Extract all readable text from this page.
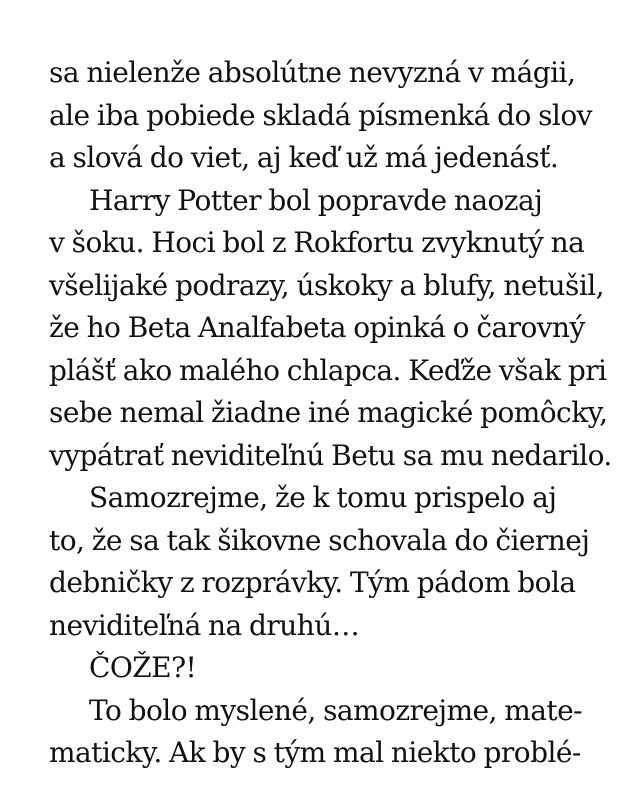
sa nielenže absolútne nevyzná v mágii,
ale iba pobiede skladá písmenká do slov
a slová do viet, aj keď už má jedenásť.
Harry Potter bol popravde naozaj
v šoku. Hoci bol z Rokfortu zvyknutý na
všelijaké podrazy, úskoky a blufy, netušil,
že ho Beta Analfabeta opinká o čarovný
plášť ako malého chlapca. Keďže však pri
sebe nemal žiadne iné magické pomôcky,
vypátrať neviditeľnú Betu sa mu nedarilo.
Samozrejme, že k tomu prispelo aj
to, že sa tak šikovne schovala do čiernej
debničky z rozprávky. Tým pádom bola
neviditeľná na druhú…
ČOŽE?!
To bolo myslené, samozrejme, mate-
maticky. Ak by s tým mal niekto problé-
